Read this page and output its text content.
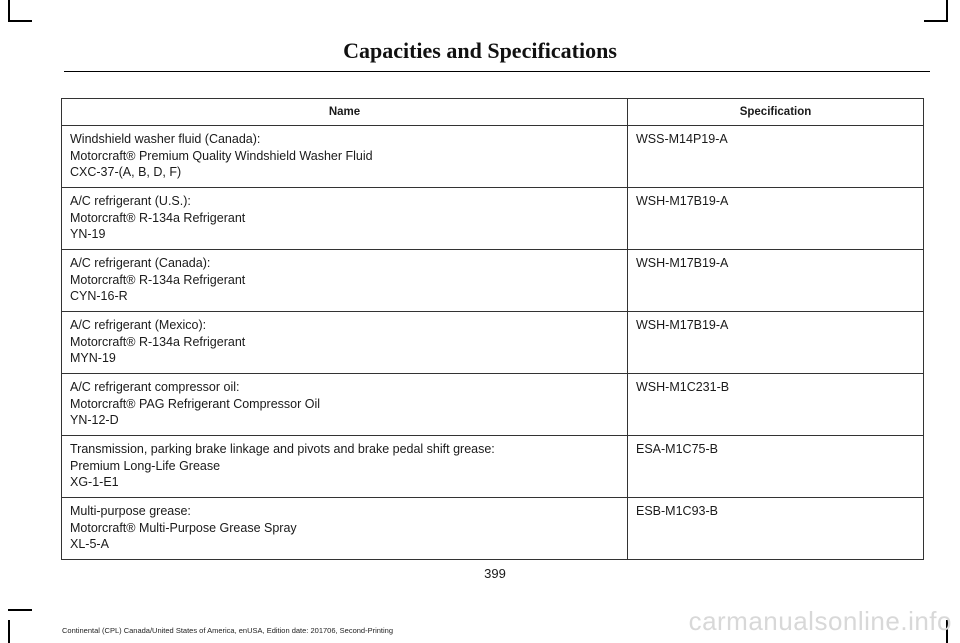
Capacities and Specifications
Name	Specification

Windshield washer fluid (Canada):
Motorcraft® Premium Quality Windshield Washer Fluid
CXC-37-(A, B, D, F)	WSS-M14P19-A

A/C refrigerant (U.S.):
Motorcraft® R-134a Refrigerant
YN-19	WSH-M17B19-A

A/C refrigerant (Canada):
Motorcraft® R-134a Refrigerant
CYN-16-R	WSH-M17B19-A

A/C refrigerant (Mexico):
Motorcraft® R-134a Refrigerant
MYN-19	WSH-M17B19-A

A/C refrigerant compressor oil:
Motorcraft® PAG Refrigerant Compressor Oil
YN-12-D	WSH-M1C231-B

Transmission, parking brake linkage and pivots and brake pedal shift grease:
Premium Long-Life Grease
XG-1-E1	ESA-M1C75-B

Multi-purpose grease:
Motorcraft® Multi-Purpose Grease Spray
XL-5-A	ESB-M1C93-B
399
Continental (CPL) Canada/United States of America, enUSA, Edition date: 201706, Second-Printing	carmanualsonline.info
